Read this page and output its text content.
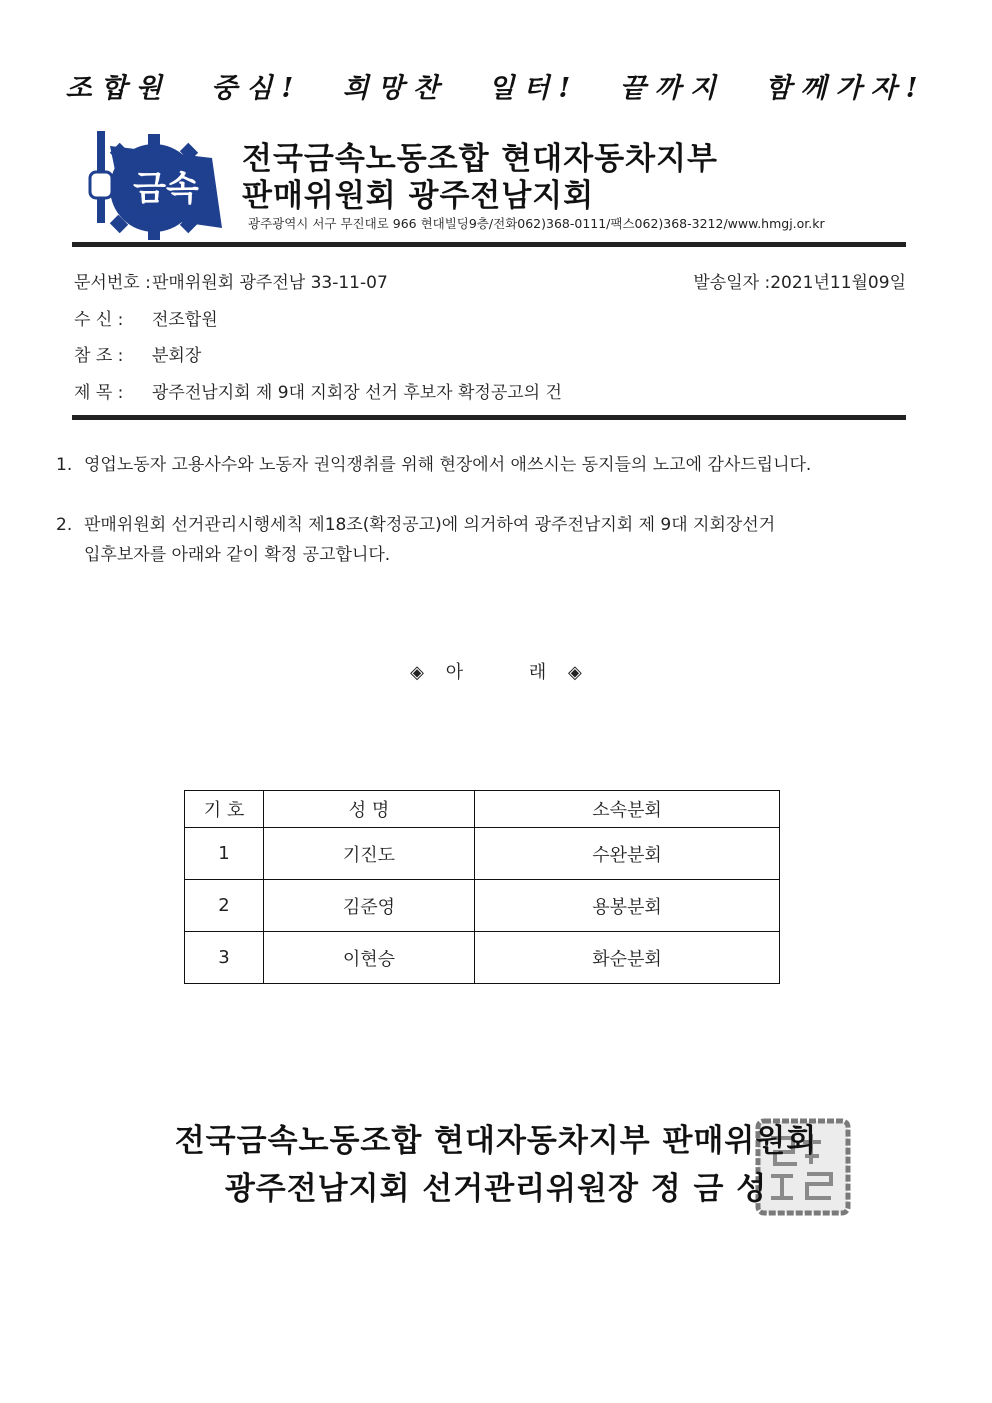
조합원 중심! 희망찬 일터! 끝까지 함께가자!
금속
전국금속노동조합 현대자동차지부
판매위원회 광주전남지회
광주광역시 서구 무진대로 966 현대빌딩9층/전화062)368-0111/팩스062)368-3212/www.hmgj.or.kr
문서번호 :판매위원회 광주전남 33-11-07	발송일자 :2021년11월09일
수 신 : 전조합원
참 조 : 분회장
제 목 : 광주전남지회 제 9대 지회장 선거 후보자 확정공고의 건
1. 영업노동자 고용사수와 노동자 권익쟁취를 위해 현장에서 애쓰시는 동지들의 노고에 감사드립니다.
2. 판매위원회 선거관리시행세칙 제18조(확정공고)에 의거하여 광주전남지회 제 9대 지회장선거
입후보자를 아래와 같이 확정 공고합니다.
◈ 아	래 ◈
기 호	성 명	소속분회
1	기진도	수완분회
2	김준영	용봉분회
3	이현승	화순분회
전국금속노동조합 현대자동차지부 판매위원회
광주전남지회 선거관리위원장 정 금 성
